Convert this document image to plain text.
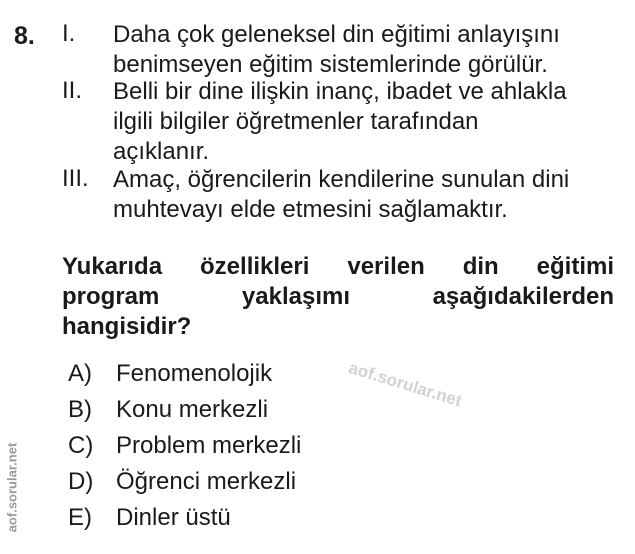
8. I. Daha çok geleneksel din eğitimi anlayışını
benimseyen eğitim sistemlerinde görülür.
II. Belli bir dine ilişkin inanç, ibadet ve ahlakla
ilgili bilgiler öğretmenler tarafından
açıklanır.
III. Amaç, öğrencilerin kendilerine sunulan dini
muhtevayı elde etmesini sağlamaktır.
Yukarıda özellikleri verilen din eğitimi
program yaklaşımı aşağıdakilerden
hangisidir?
A) Fenomenolojik
B) Konu merkezli
C) Problem merkezli
D) Öğrenci merkezli
E) Dinler üstü
aof.sorular.net
aof.sorular.net
